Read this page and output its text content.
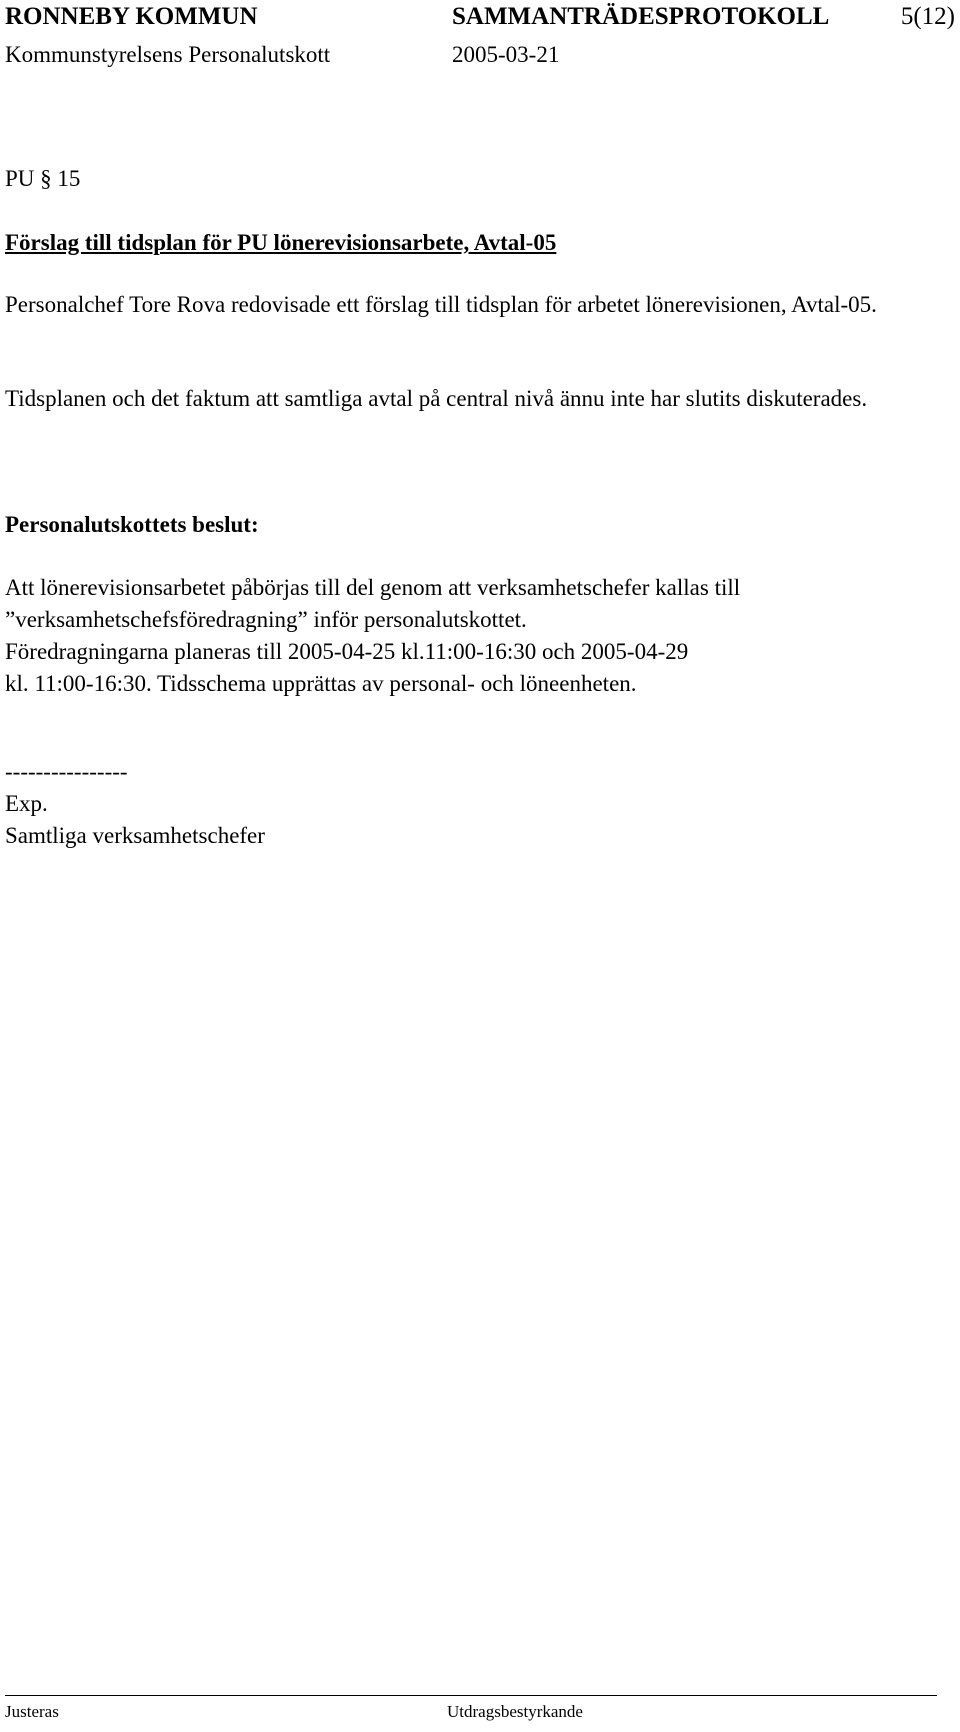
RONNEBY KOMMUN	SAMMANTRÄDESPROTOKOLL	5(12)
Kommunstyrelsens Personalutskott	2005-03-21
PU § 15
Förslag till tidsplan för PU lönerevisionsarbete, Avtal-05
Personalchef Tore Rova redovisade ett förslag till tidsplan för arbetet lönerevisionen, Avtal-05.
Tidsplanen och det faktum att samtliga avtal på central nivå ännu inte har slutits diskuterades.
Personalutskottets beslut:
Att lönerevisionsarbetet påbörjas till del genom att verksamhetschefer kallas till
”verksamhetschefsföredragning” inför personalutskottet.
Föredragningarna planeras till 2005-04-25 kl.11:00-16:30 och 2005-04-29
kl. 11:00-16:30. Tidsschema upprättas av personal- och löneenheten.
----------------
Exp.
Samtliga verksamhetschefer
Justeras	Utdragsbestyrkande
